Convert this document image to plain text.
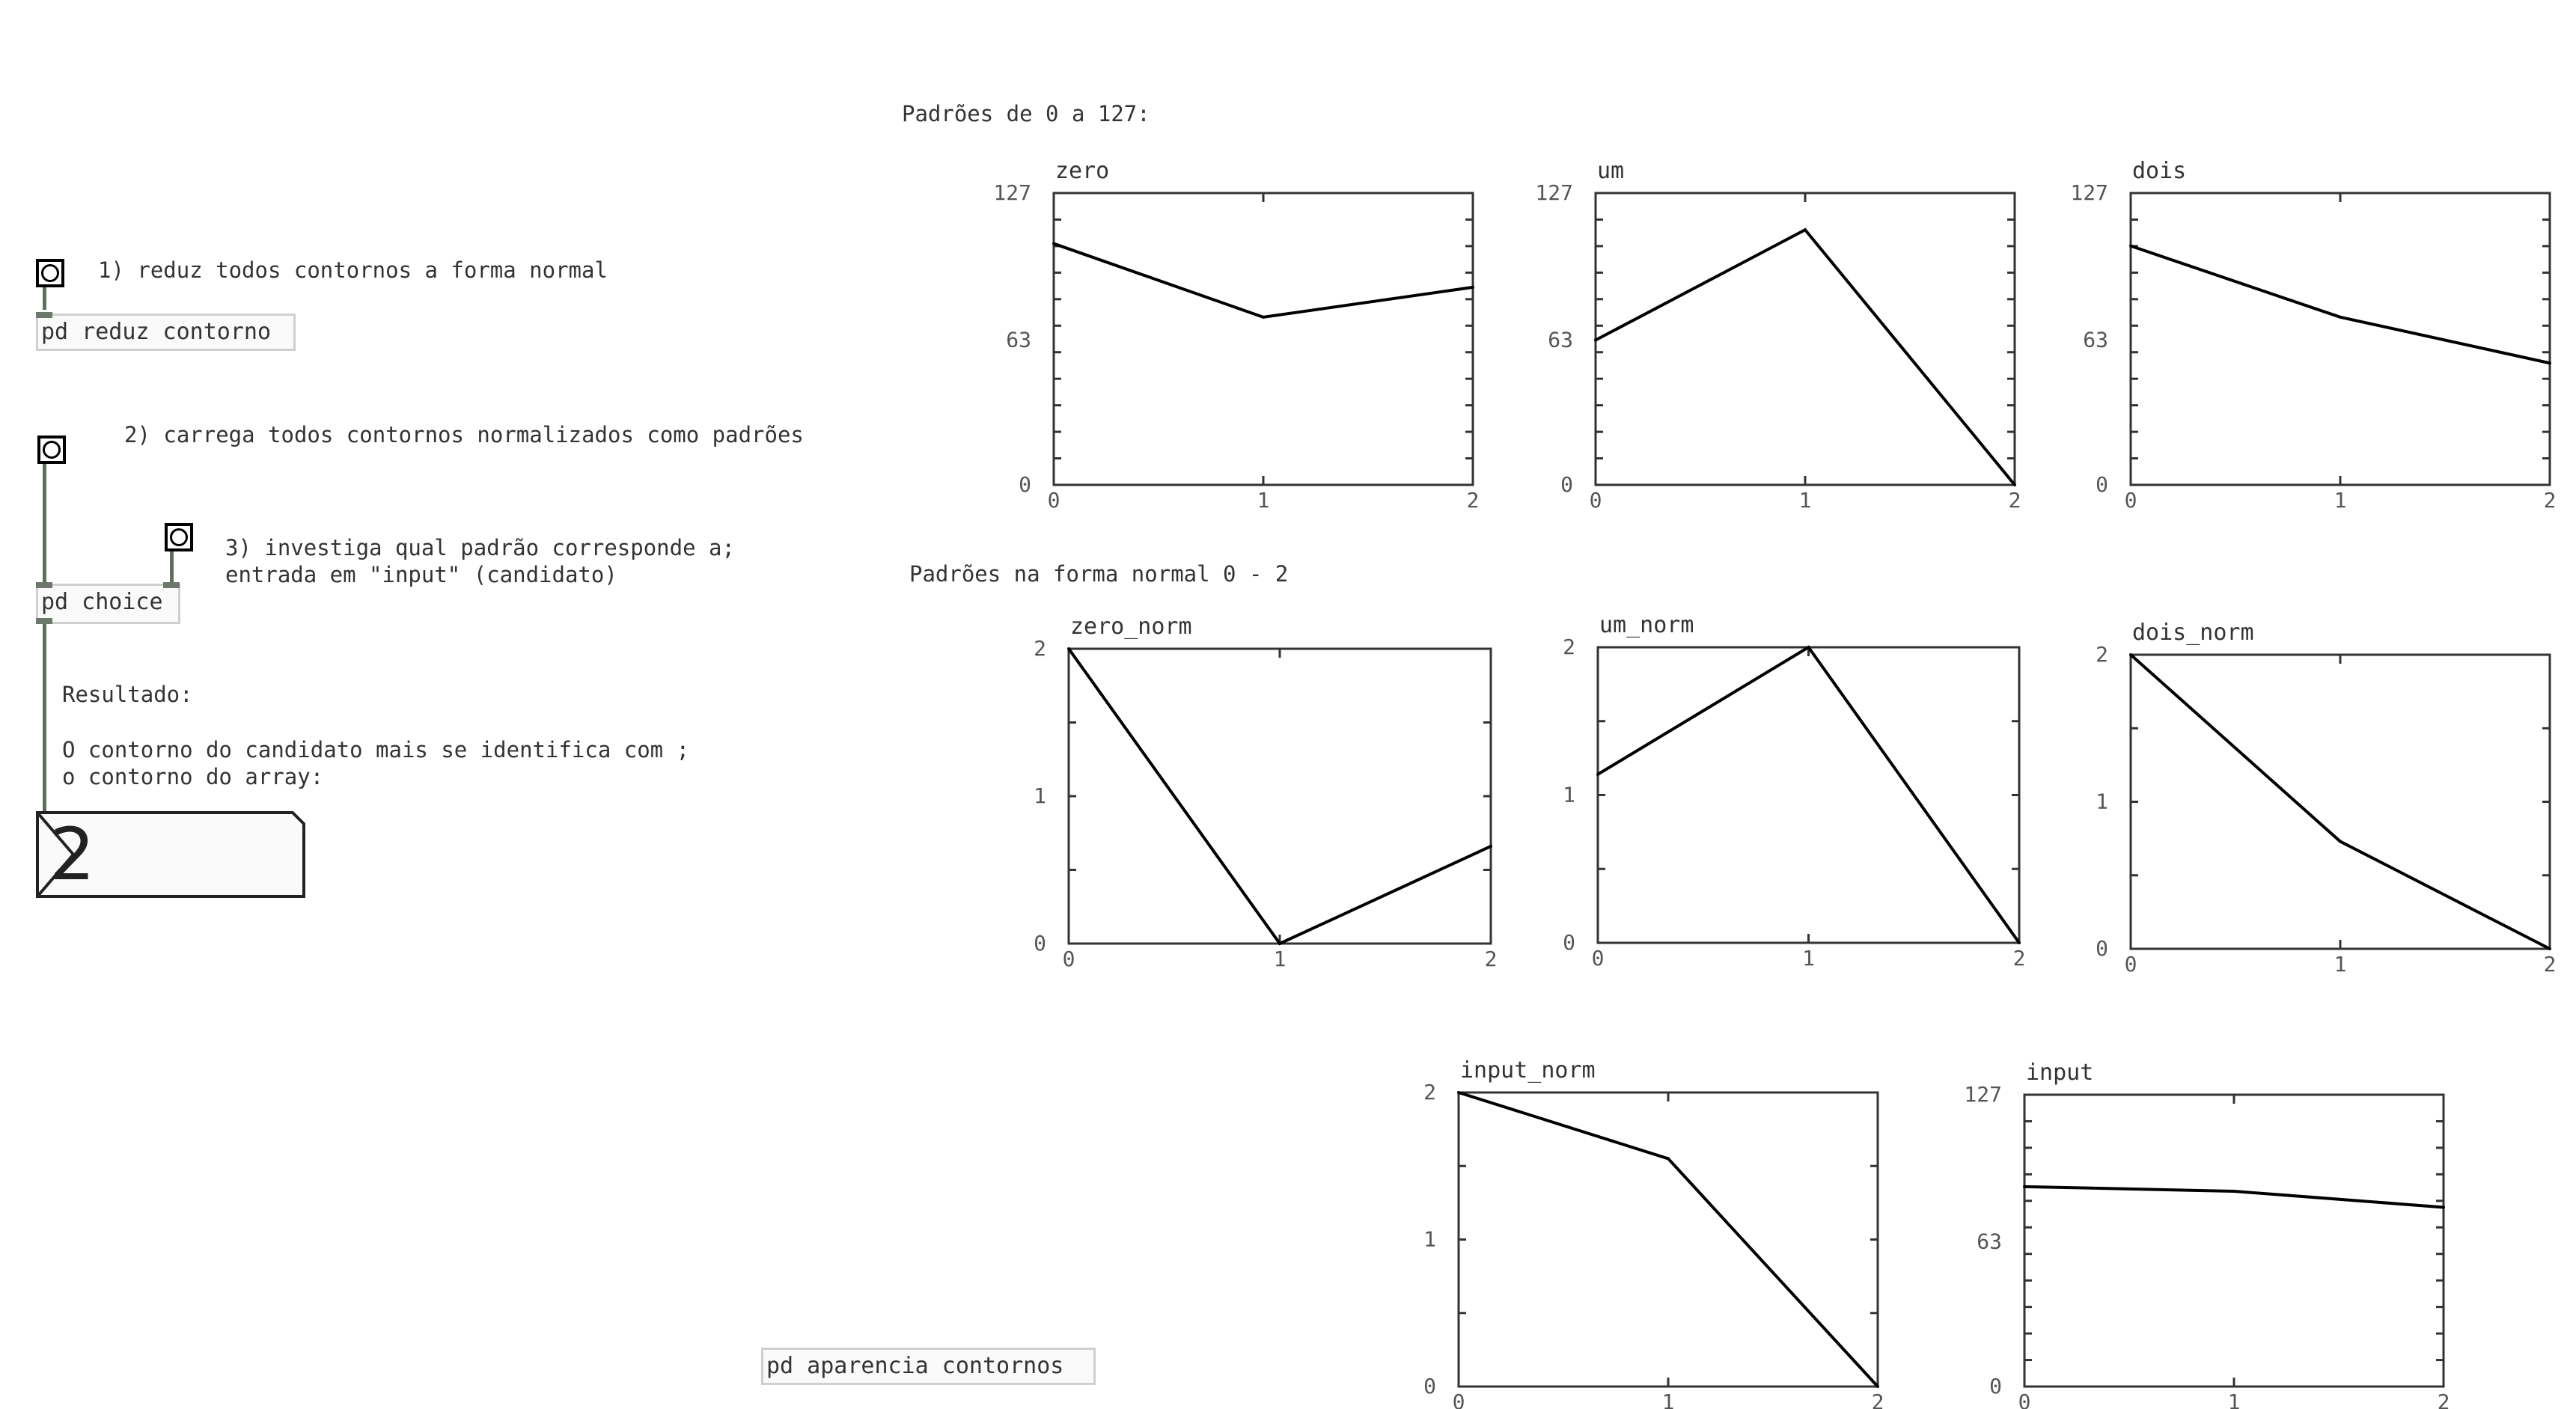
1) reduz todos contornos a forma normal
pd reduz contorno
2) carrega todos contornos normalizados como padrões
3) investiga qual padrão corresponde a;
entrada em "input" (candidato)
pd choice
Resultado:
O contorno do candidato mais se identifica com ;
o contorno do array:
2
pd aparencia contornos
Padrões de 0 a 127:
Padrões na forma normal 0 - 2
zero
0
63
127
0	1	2
um
0
63
127
0	1	2
dois
0
63
127
0	1	2
zero_norm
0
1
2
0	1	2
um_norm
0
1
2
0	1	2
dois_norm
0
1
2
0	1	2
input_norm
0
1
2
0	1	2
input
0
63
127
0	1	2
